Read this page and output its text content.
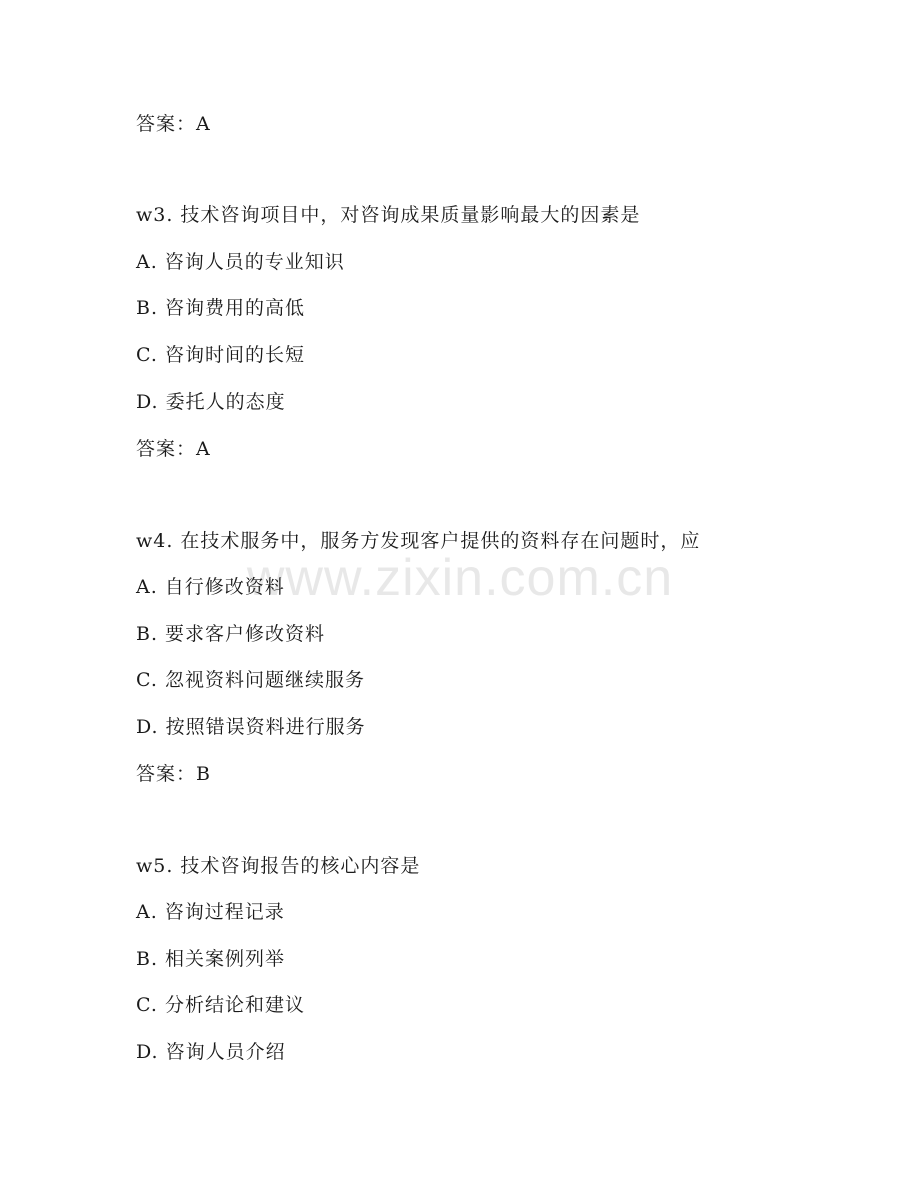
www.zixin.com.cn
答案：A
w3. 技术咨询项目中，对咨询成果质量影响最大的因素是
A. 咨询人员的专业知识
B. 咨询费用的高低
C. 咨询时间的长短
D. 委托人的态度
答案：A
w4. 在技术服务中，服务方发现客户提供的资料存在问题时，应
A. 自行修改资料
B. 要求客户修改资料
C. 忽视资料问题继续服务
D. 按照错误资料进行服务
答案：B
w5. 技术咨询报告的核心内容是
A. 咨询过程记录
B. 相关案例列举
C. 分析结论和建议
D. 咨询人员介绍
